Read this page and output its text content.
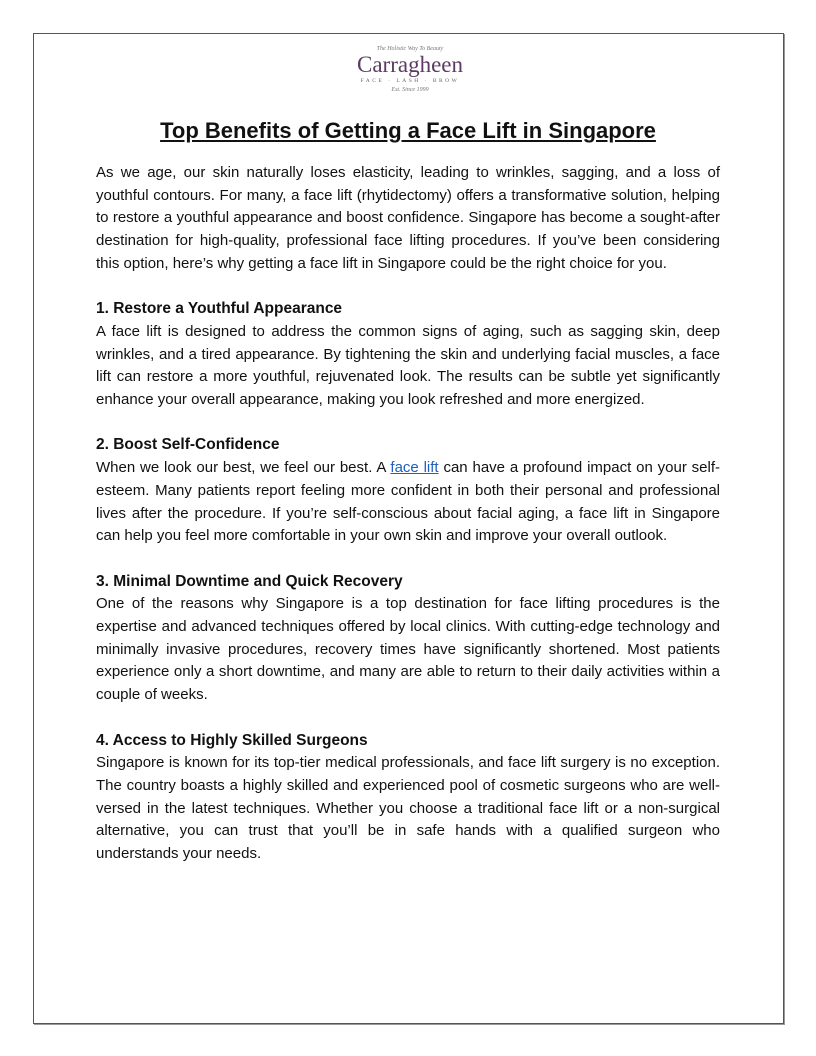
The Holistic Way To Beauty
Carragheen
FACE · LASH · BROW
Est. Since 1999
Top Benefits of Getting a Face Lift in Singapore

As we age, our skin naturally loses elasticity, leading to wrinkles, sagging, and a loss of youthful contours. For many, a face lift (rhytidectomy) offers a transformative solution, helping to restore a youthful appearance and boost confidence. Singapore has become a sought-after destination for high-quality, professional face lifting procedures. If you’ve been considering this option, here’s why getting a face lift in Singapore could be the right choice for you.

1. Restore a Youthful Appearance

A face lift is designed to address the common signs of aging, such as sagging skin, deep wrinkles, and a tired appearance. By tightening the skin and underlying facial muscles, a face lift can restore a more youthful, rejuvenated look. The results can be subtle yet significantly enhance your overall appearance, making you look refreshed and more energized.

2. Boost Self-Confidence

When we look our best, we feel our best. A face lift can have a profound impact on your self-esteem. Many patients report feeling more confident in both their personal and professional lives after the procedure. If you’re self-conscious about facial aging, a face lift in Singapore can help you feel more comfortable in your own skin and improve your overall outlook.

3. Minimal Downtime and Quick Recovery

One of the reasons why Singapore is a top destination for face lifting procedures is the expertise and advanced techniques offered by local clinics. With cutting-edge technology and minimally invasive procedures, recovery times have significantly shortened. Most patients experience only a short downtime, and many are able to return to their daily activities within a couple of weeks.

4. Access to Highly Skilled Surgeons

Singapore is known for its top-tier medical professionals, and face lift surgery is no exception. The country boasts a highly skilled and experienced pool of cosmetic surgeons who are well-versed in the latest techniques. Whether you choose a traditional face lift or a non-surgical alternative, you can trust that you’ll be in safe hands with a qualified surgeon who understands your needs.
